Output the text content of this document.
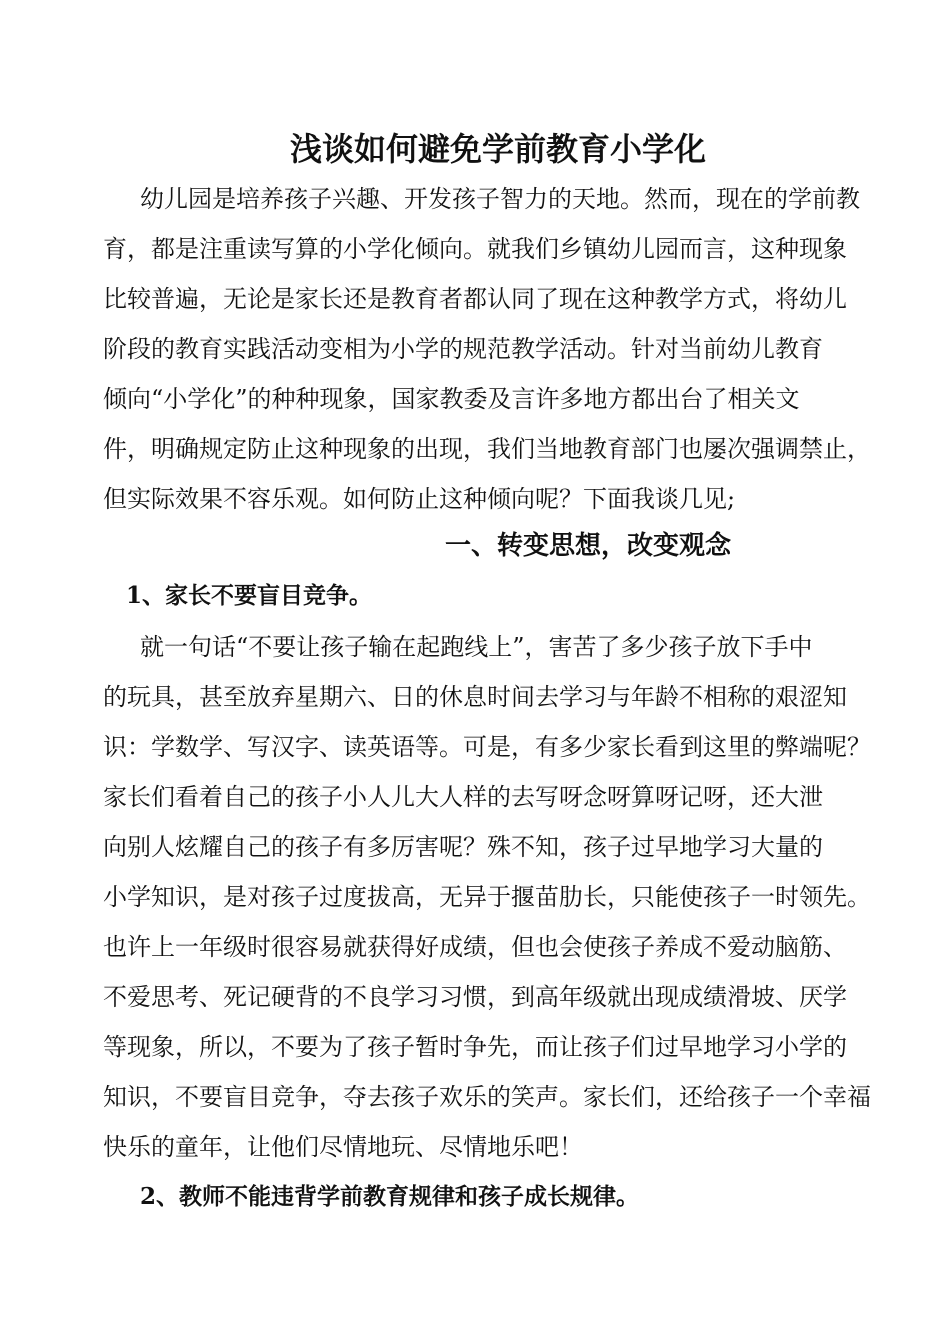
浅谈如何避免学前教育小学化
幼儿园是培养孩子兴趣、开发孩子智力的天地。然而，现在的学前教
育，都是注重读写算的小学化倾向。就我们乡镇幼儿园而言，这种现象
比较普遍，无论是家长还是教育者都认同了现在这种教学方式，将幼儿
阶段的教育实践活动变相为小学的规范教学活动。针对当前幼儿教育
倾向“小学化”的种种现象，国家教委及言许多地方都出台了相关文
件，明确规定防止这种现象的出现，我们当地教育部门也屡次强调禁止，
但实际效果不容乐观。如何防止这种倾向呢？下面我谈几见;
一、转变思想，改变观念
1、家长不要盲目竞争。
就一句话“不要让孩子输在起跑线上”，害苦了多少孩子放下手中
的玩具，甚至放弃星期六、日的休息时间去学习与年龄不相称的艰涩知
识：学数学、写汉字、读英语等。可是，有多少家长看到这里的弊端呢？
家长们看着自己的孩子小人儿大人样的去写呀念呀算呀记呀，还大泄
向别人炫耀自己的孩子有多厉害呢？殊不知，孩子过早地学习大量的
小学知识，是对孩子过度拔高，无异于揠苗肋长，只能使孩子一时领先。
也许上一年级时很容易就获得好成绩，但也会使孩子养成不爱动脑筋、
不爱思考、死记硬背的不良学习习惯，到高年级就出现成绩滑坡、厌学
等现象，所以，不要为了孩子暂时争先，而让孩子们过早地学习小学的
知识，不要盲目竞争，夺去孩子欢乐的笑声。家长们，还给孩子一个幸福
快乐的童年，让他们尽情地玩、尽情地乐吧！
2、教师不能违背学前教育规律和孩子成长规律。
